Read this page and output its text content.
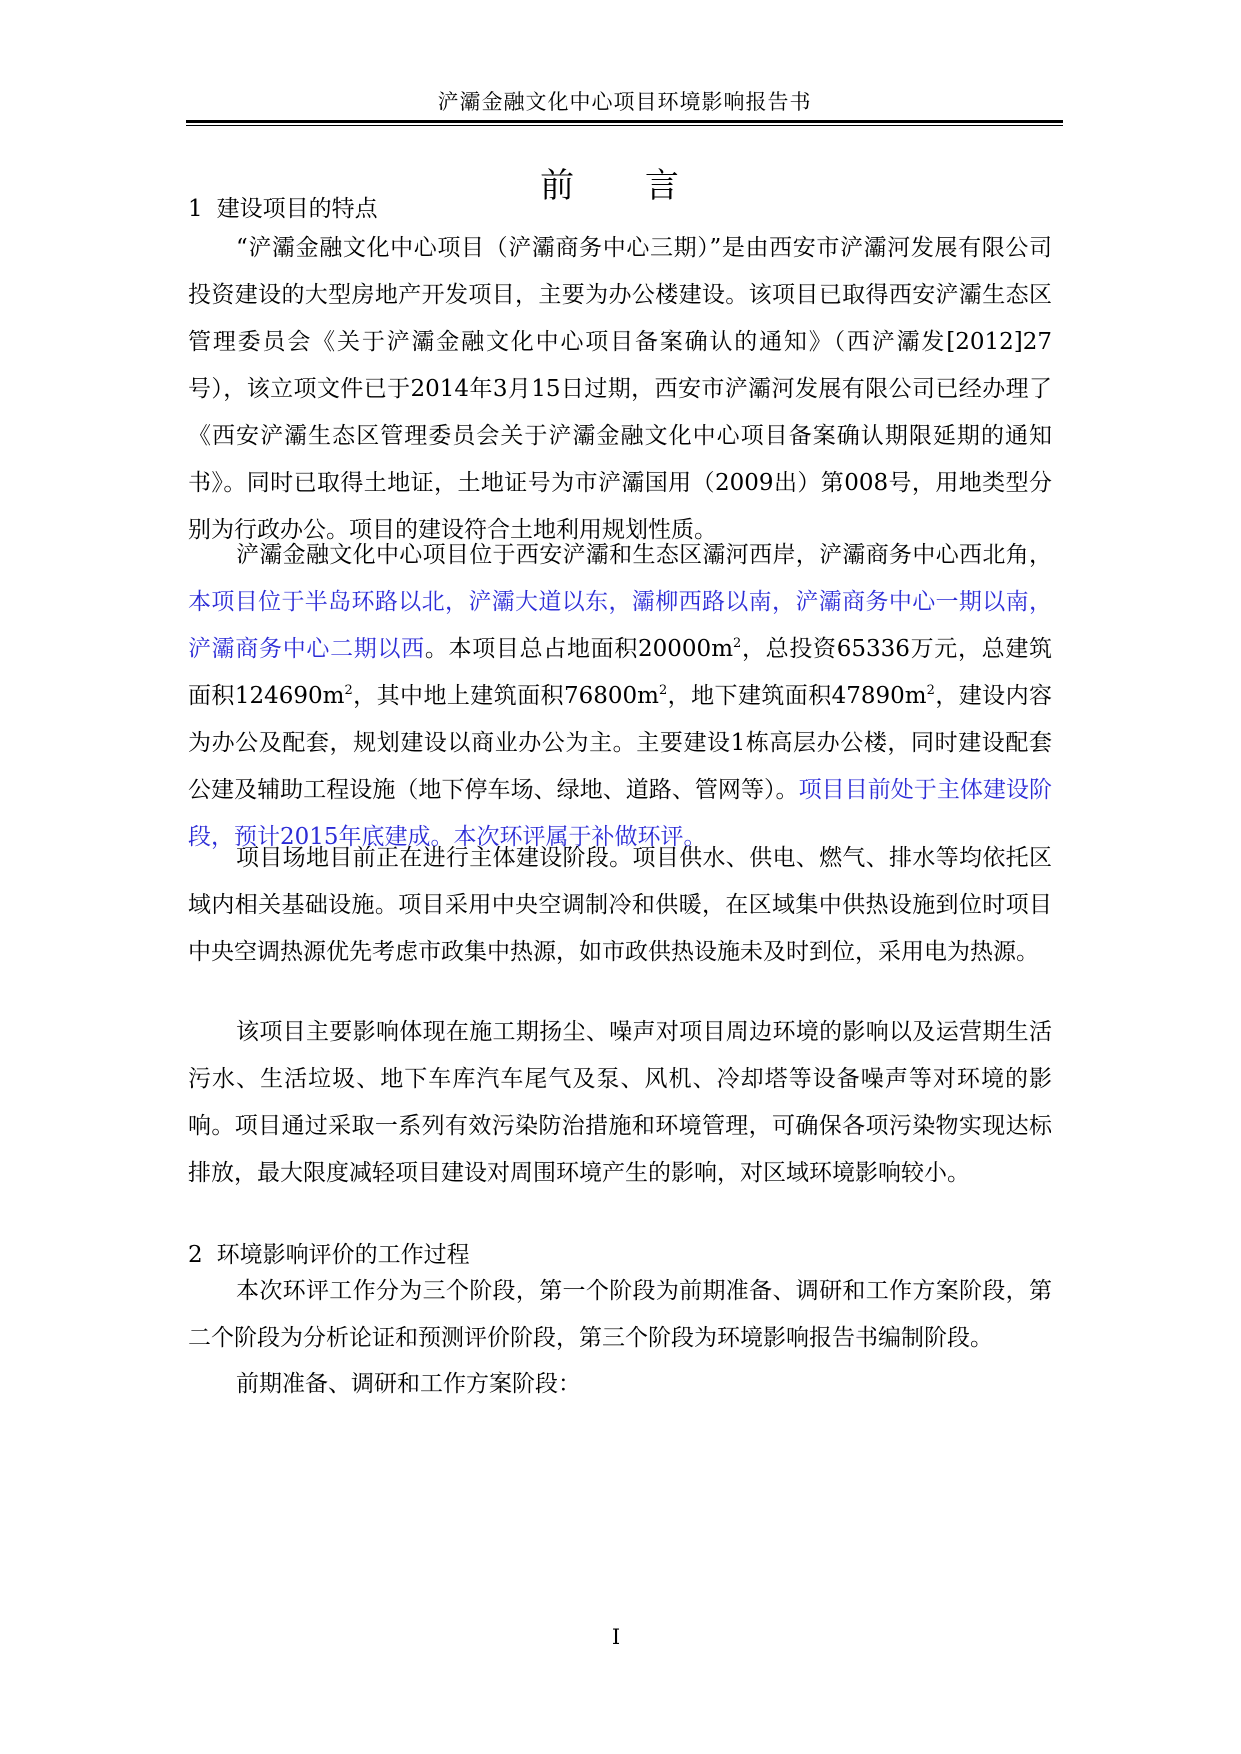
浐灞金融文化中心项目环境影响报告书
前 言
1 建设项目的特点
“浐灞金融文化中心项目（浐灞商务中心三期）”是由西安市浐灞河发展有限公司投资建设的大型房地产开发项目，主要为办公楼建设。该项目已取得西安浐灞生态区管理委员会《关于浐灞金融文化中心项目备案确认的通知》（西浐灞发[2012]27号），该立项文件已于2014年3月15日过期，西安市浐灞河发展有限公司已经办理了《西安浐灞生态区管理委员会关于浐灞金融文化中心项目备案确认期限延期的通知书》。同时已取得土地证，土地证号为市浐灞国用（2009出）第008号，用地类型分别为行政办公。项目的建设符合土地利用规划性质。
浐灞金融文化中心项目位于西安浐灞和生态区灞河西岸，浐灞商务中心西北角，本项目位于半岛环路以北，浐灞大道以东，灞柳西路以南，浐灞商务中心一期以南，浐灞商务中心二期以西。本项目总占地面积$20000m^2$，总投资65336万元，总建筑面积$124690m^2$，其中地上建筑面积$76800m^2$，地下建筑面积$47890m^2$，建设内容为办公及配套，规划建设以商业办公为主。主要建设1栋高层办公楼，同时建设配套公建及辅助工程设施（地下停车场、绿地、道路、管网等）。项目目前处于主体建设阶段，预计2015年底建成。本次环评属于补做环评。
项目场地目前正在进行主体建设阶段。项目供水、供电、燃气、排水等均依托区域内相关基础设施。项目采用中央空调制冷和供暖，在区域集中供热设施到位时项目中央空调热源优先考虑市政集中热源，如市政供热设施未及时到位，采用电为热源。
该项目主要影响体现在施工期扬尘、噪声对项目周边环境的影响以及运营期生活污水、生活垃圾、地下车库汽车尾气及泵、风机、冷却塔等设备噪声等对环境的影响。项目通过采取一系列有效污染防治措施和环境管理，可确保各项污染物实现达标排放，最大限度减轻项目建设对周围环境产生的影响，对区域环境影响较小。
2 环境影响评价的工作过程
本次环评工作分为三个阶段，第一个阶段为前期准备、调研和工作方案阶段，第二个阶段为分析论证和预测评价阶段，第三个阶段为环境影响报告书编制阶段。
前期准备、调研和工作方案阶段：
I
